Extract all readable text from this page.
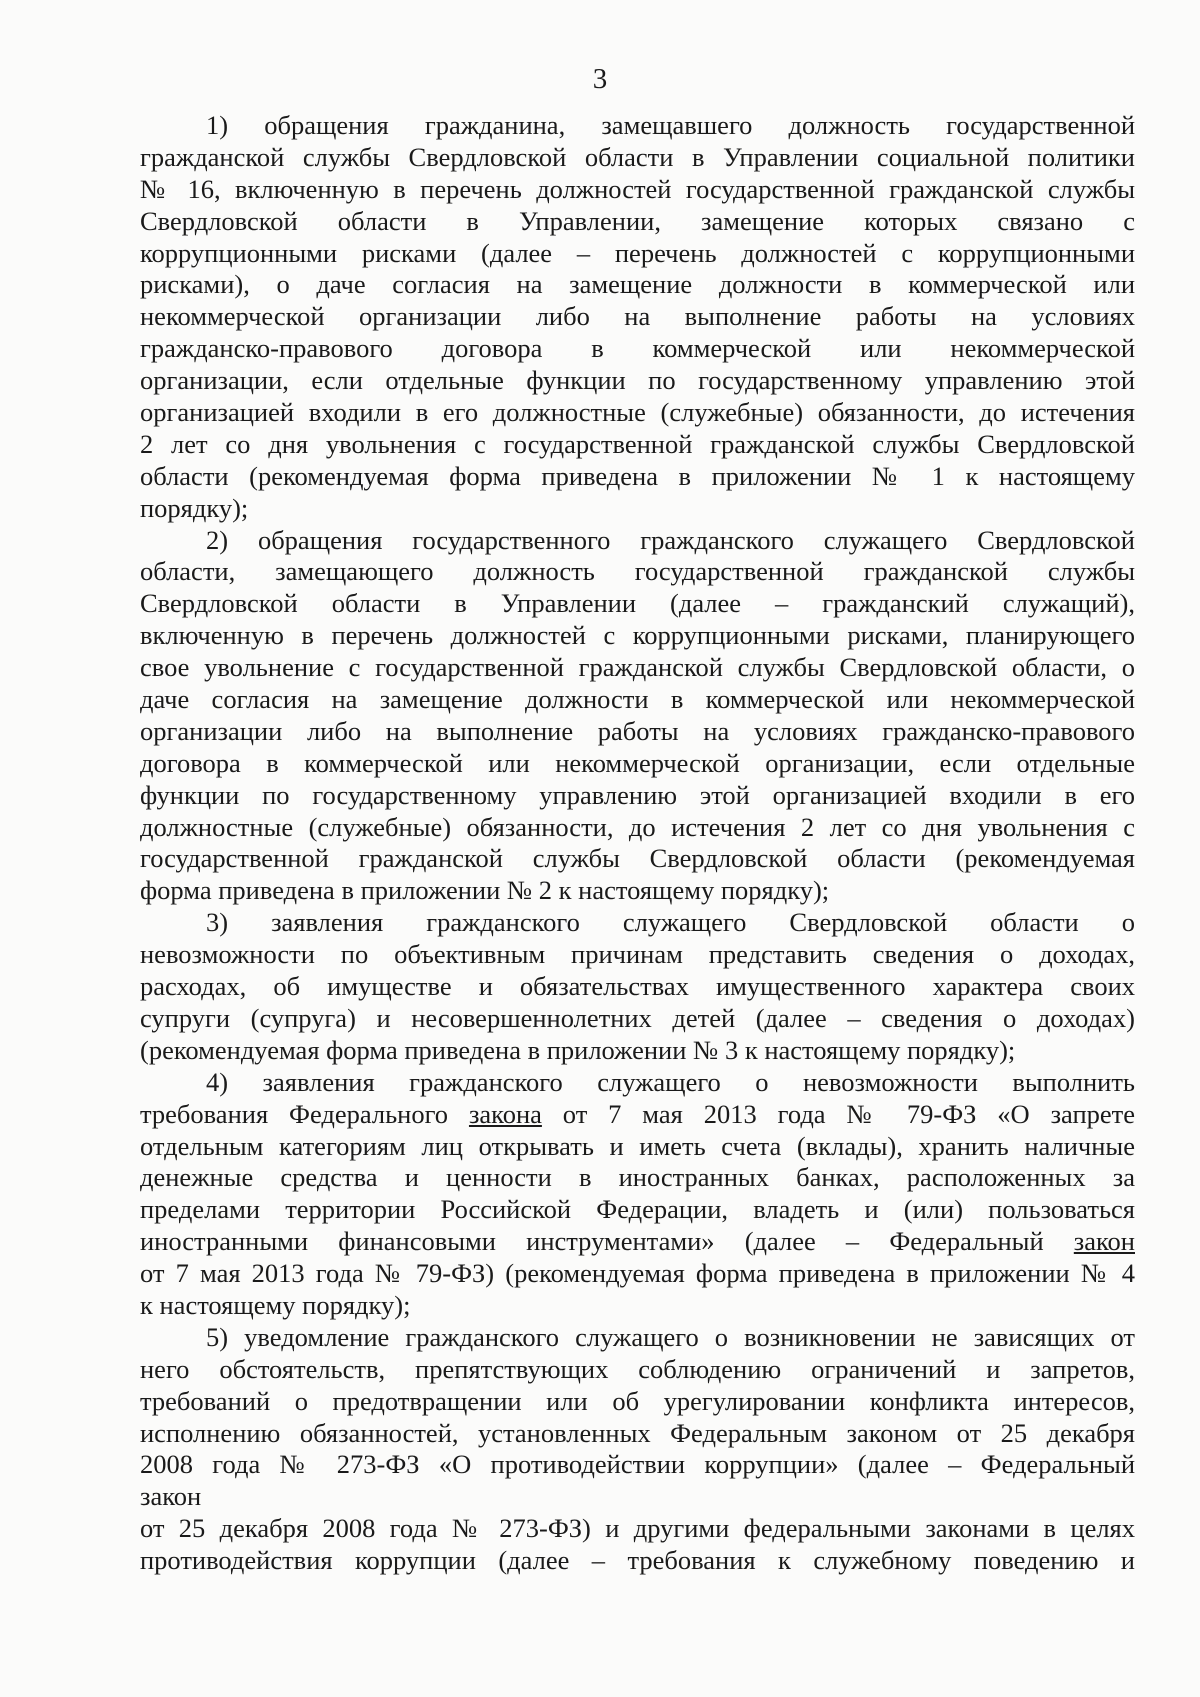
3
1) обращения гражданина, замещавшего должность государственной
гражданской службы Свердловской области в Управлении социальной политики
№ 16, включенную в перечень должностей государственной гражданской службы
Свердловской области в Управлении, замещение которых связано с
коррупционными рисками (далее – перечень должностей с коррупционными
рисками), о даче согласия на замещение должности в коммерческой или
некоммерческой организации либо на выполнение работы на условиях
гражданско-правового договора в коммерческой или некоммерческой
организации, если отдельные функции по государственному управлению этой
организацией входили в его должностные (служебные) обязанности, до истечения
2 лет со дня увольнения с государственной гражданской службы Свердловской
области (рекомендуемая форма приведена в приложении № 1 к настоящему
порядку);
2) обращения государственного гражданского служащего Свердловской
области, замещающего должность государственной гражданской службы
Свердловской области в Управлении (далее – гражданский служащий),
включенную в перечень должностей с коррупционными рисками, планирующего
свое увольнение с государственной гражданской службы Свердловской области, о
даче согласия на замещение должности в коммерческой или некоммерческой
организации либо на выполнение работы на условиях гражданско-правового
договора в коммерческой или некоммерческой организации, если отдельные
функции по государственному управлению этой организацией входили в его
должностные (служебные) обязанности, до истечения 2 лет со дня увольнения с
государственной гражданской службы Свердловской области (рекомендуемая
форма приведена в приложении № 2 к настоящему порядку);
3) заявления гражданского служащего Свердловской области о
невозможности по объективным причинам представить сведения о доходах,
расходах, об имуществе и обязательствах имущественного характера своих
супруги (супруга) и несовершеннолетних детей (далее – сведения о доходах)
(рекомендуемая форма приведена в приложении № 3 к настоящему порядку);
4) заявления гражданского служащего о невозможности выполнить
требования Федерального закона от 7 мая 2013 года № 79-ФЗ «О запрете
отдельным категориям лиц открывать и иметь счета (вклады), хранить наличные
денежные средства и ценности в иностранных банках, расположенных за
пределами территории Российской Федерации, владеть и (или) пользоваться
иностранными финансовыми инструментами» (далее – Федеральный закон
от 7 мая 2013 года № 79-ФЗ) (рекомендуемая форма приведена в приложении № 4
к настоящему порядку);
5) уведомление гражданского служащего о возникновении не зависящих от
него обстоятельств, препятствующих соблюдению ограничений и запретов,
требований о предотвращении или об урегулировании конфликта интересов,
исполнению обязанностей, установленных Федеральным законом от 25 декабря
2008 года № 273-ФЗ «О противодействии коррупции» (далее – Федеральный
закон
от 25 декабря 2008 года № 273-ФЗ) и другими федеральными законами в целях
противодействия коррупции (далее – требования к служебному поведению и
